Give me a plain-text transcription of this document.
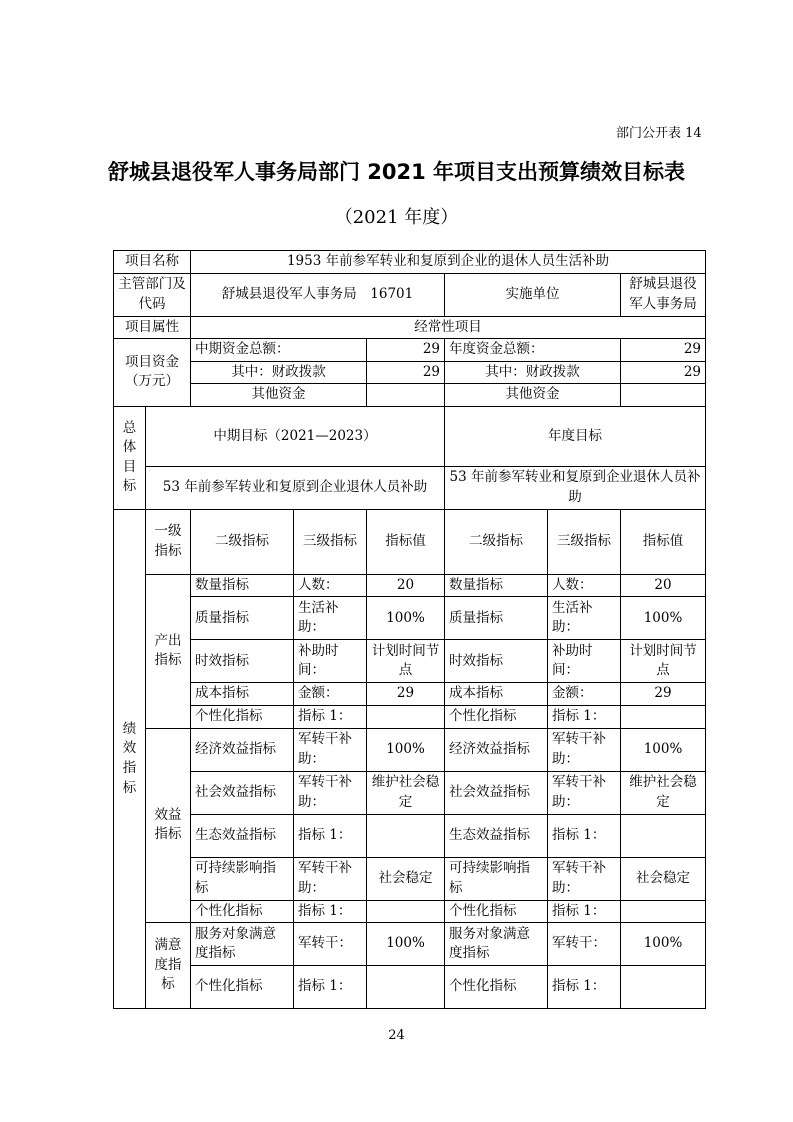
部门公开表 14
舒城县退役军人事务局部门 2021 年项目支出预算绩效目标表
（2021 年度）
项目名称		1953 年前参军转业和复原到企业的退休人员生活补助					
主管部门及代码		舒城县退役军人事务局　16701			实施单位		舒城县退役军人事务局
项目属性		经常性项目					
项目资金（万元）		中期资金总额：		29	年度资金总额：		29
		其中：财政拨款		29	其中：财政拨款		29
		其他资金			其他资金		
总体目标	中期目标（2021—2023）				年度目标		
	53 年前参军转业和复原到企业退休人员补助				53 年前参军转业和复原到企业退休人员补助		
绩效指标	一级指标	二级指标	三级指标	指标值	二级指标	三级指标	指标值
	产出指标	数量指标	人数：	20	数量指标	人数：	20
		质量指标	生活补助：	100%	质量指标	生活补助：	100%
		时效指标	补助时间：	计划时间节点	时效指标	补助时间：	计划时间节点
		成本指标	金额：	29	成本指标	金额：	29
		个性化指标	指标 1：		个性化指标	指标 1：	
	效益指标	经济效益指标	军转干补助：	100%	经济效益指标	军转干补助：	100%
		社会效益指标	军转干补助：	维护社会稳定	社会效益指标	军转干补助：	维护社会稳定
		生态效益指标	指标 1：		生态效益指标	指标 1：	
		可持续影响指标	军转干补助：	社会稳定	可持续影响指标	军转干补助：	社会稳定
		个性化指标	指标 1：		个性化指标	指标 1：	
	满意度指标	服务对象满意度指标	军转干：	100%	服务对象满意度指标	军转干：	100%
		个性化指标	指标 1：		个性化指标	指标 1：	
24
